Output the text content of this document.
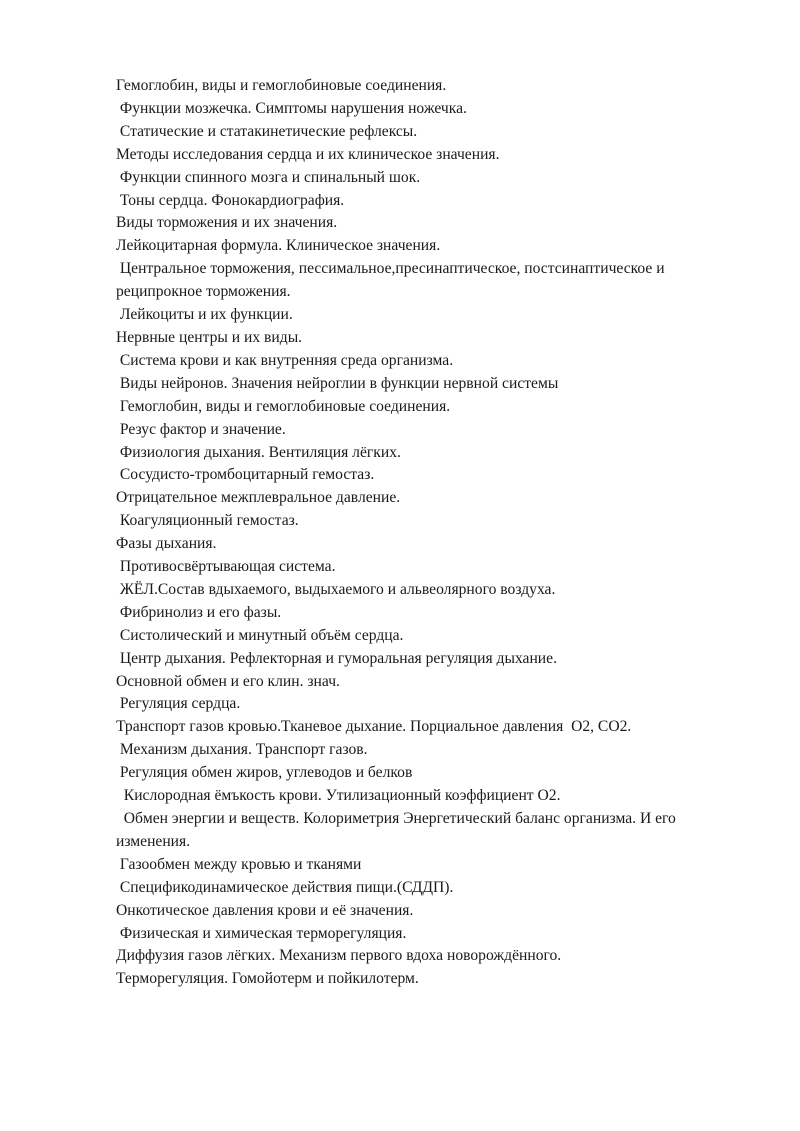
Гемоглобин, виды и гемоглобиновые соединения.
Функции мозжечка. Симптомы нарушения ножечка.
Статические и статакинетические рефлексы.
Методы исследования сердца и их клиническое значения.
Функции спинного мозга и спинальный шок.
Тоны сердца. Фонокардиография.
Виды торможения и их значения.
Лейкоцитарная формула. Клиническое значения.
Центральное торможения, пессимальное,пресинаптическое, постсинаптическое и
реципрокное торможения.
Лейкоциты и их функции.
Нервные центры и их виды.
Система крови и как внутренняя среда организма.
Виды нейронов. Значения нейроглии в функции нервной системы
Гемоглобин, виды и гемоглобиновые соединения.
Резус фактор и значение.
Физиология дыхания. Вентиляция лёгких.
Сосудисто-тромбоцитарный гемостаз.
Отрицательное межплевральное давление.
Коагуляционный гемостаз.
Фазы дыхания.
Противосвёртывающая система.
ЖЁЛ.Состав вдыхаемого, выдыхаемого и альвеолярного воздуха.
Фибринолиз и его фазы.
Систолический и минутный объём сердца.
Центр дыхания. Рефлекторная и гуморальная регуляция дыхание.
Основной обмен и его клин. знач.
Регуляция сердца.
Транспорт газов кровью.Тканевое дыхание. Порциальное давления  О2, СО2.
Механизм дыхания. Транспорт газов.
Регуляция обмен жиров, углеводов и белков
Кислородная ёмъкость крови. Утилизационный коэффициент О2.
Обмен энергии и веществ. Колориметрия Энергетический баланс организма. И его
изменения.
Газообмен между кровью и тканями
Спецификодинамическое действия пищи.(СДДП).
Онкотическое давления крови и её значения.
Физическая и химическая терморегуляция.
Диффузия газов лёгких. Механизм первого вдоха новорождённого.
Терморегуляция. Гомойотерм и пойкилотерм.
